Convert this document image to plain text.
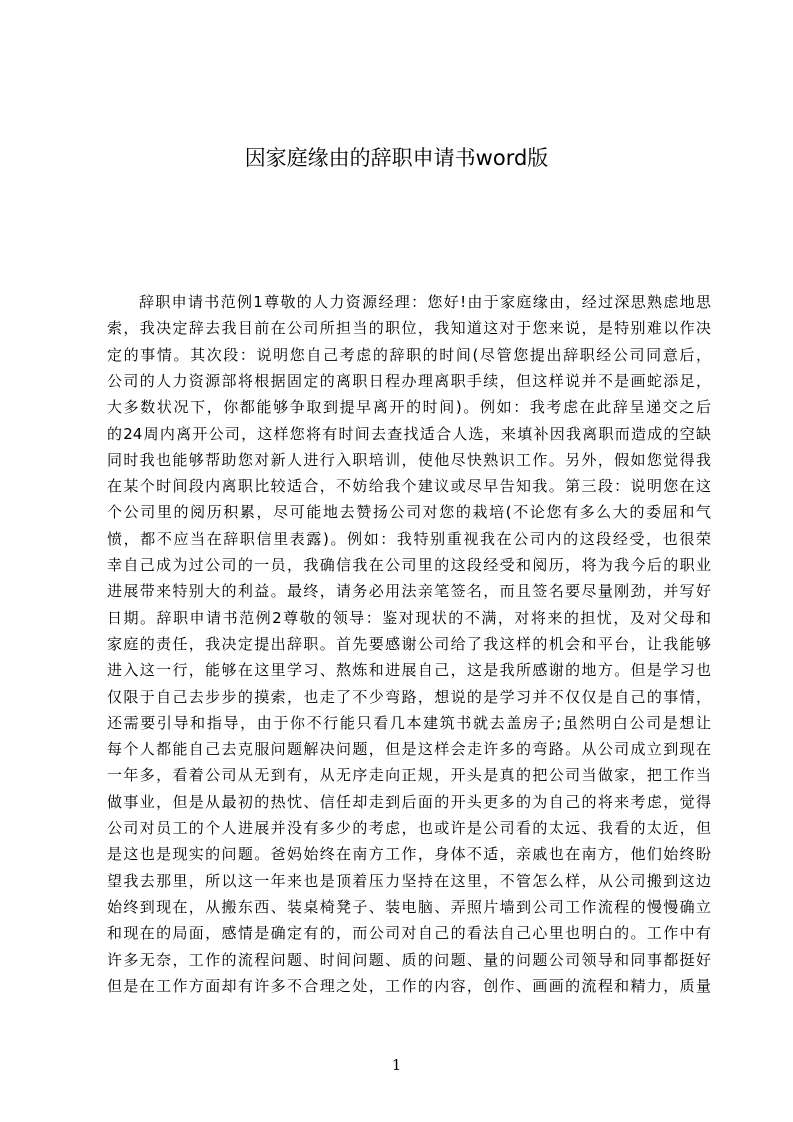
因家庭缘由的辞职申请书word版
辞职申请书范例1尊敬的人力资源经理：您好!由于家庭缘由，经过深思熟虑地思
索，我决定辞去我目前在公司所担当的职位，我知道这对于您来说，是特别难以作决
定的事情。其次段：说明您自己考虑的辞职的时间(尽管您提出辞职经公司同意后，
公司的人力资源部将根据固定的离职日程办理离职手续，但这样说并不是画蛇添足，
大多数状况下，你都能够争取到提早离开的时间)。例如：我考虑在此辞呈递交之后
的24周内离开公司，这样您将有时间去查找适合人选，来填补因我离职而造成的空缺
同时我也能够帮助您对新人进行入职培训，使他尽快熟识工作。另外，假如您觉得我
在某个时间段内离职比较适合，不妨给我个建议或尽早告知我。第三段：说明您在这
个公司里的阅历积累，尽可能地去赞扬公司对您的栽培(不论您有多么大的委屈和气
愤，都不应当在辞职信里表露)。例如：我特别重视我在公司内的这段经受，也很荣
幸自己成为过公司的一员，我确信我在公司里的这段经受和阅历，将为我今后的职业
进展带来特别大的利益。最终，请务必用法亲笔签名，而且签名要尽量刚劲，并写好
日期。辞职申请书范例2尊敬的领导：鉴对现状的不满，对将来的担忧，及对父母和
家庭的责任，我决定提出辞职。首先要感谢公司给了我这样的机会和平台，让我能够
进入这一行，能够在这里学习、熬炼和进展自己，这是我所感谢的地方。但是学习也
仅限于自己去步步的摸索，也走了不少弯路，想说的是学习并不仅仅是自己的事情，
还需要引导和指导，由于你不行能只看几本建筑书就去盖房子;虽然明白公司是想让
每个人都能自己去克服问题解决问题，但是这样会走许多的弯路。从公司成立到现在
一年多，看着公司从无到有，从无序走向正规，开头是真的把公司当做家，把工作当
做事业，但是从最初的热忱、信任却走到后面的开头更多的为自己的将来考虑，觉得
公司对员工的个人进展并没有多少的考虑，也或许是公司看的太远、我看的太近，但
是这也是现实的问题。爸妈始终在南方工作，身体不适，亲戚也在南方，他们始终盼
望我去那里，所以这一年来也是顶着压力坚持在这里，不管怎么样，从公司搬到这边
始终到现在，从搬东西、装桌椅凳子、装电脑、弄照片墙到公司工作流程的慢慢确立
和现在的局面，感情是确定有的，而公司对自己的看法自己心里也明白的。工作中有
许多无奈，工作的流程问题、时间问题、质的问题、量的问题公司领导和同事都挺好
但是在工作方面却有许多不合理之处，工作的内容，创作、画画的流程和精力，质量
1
